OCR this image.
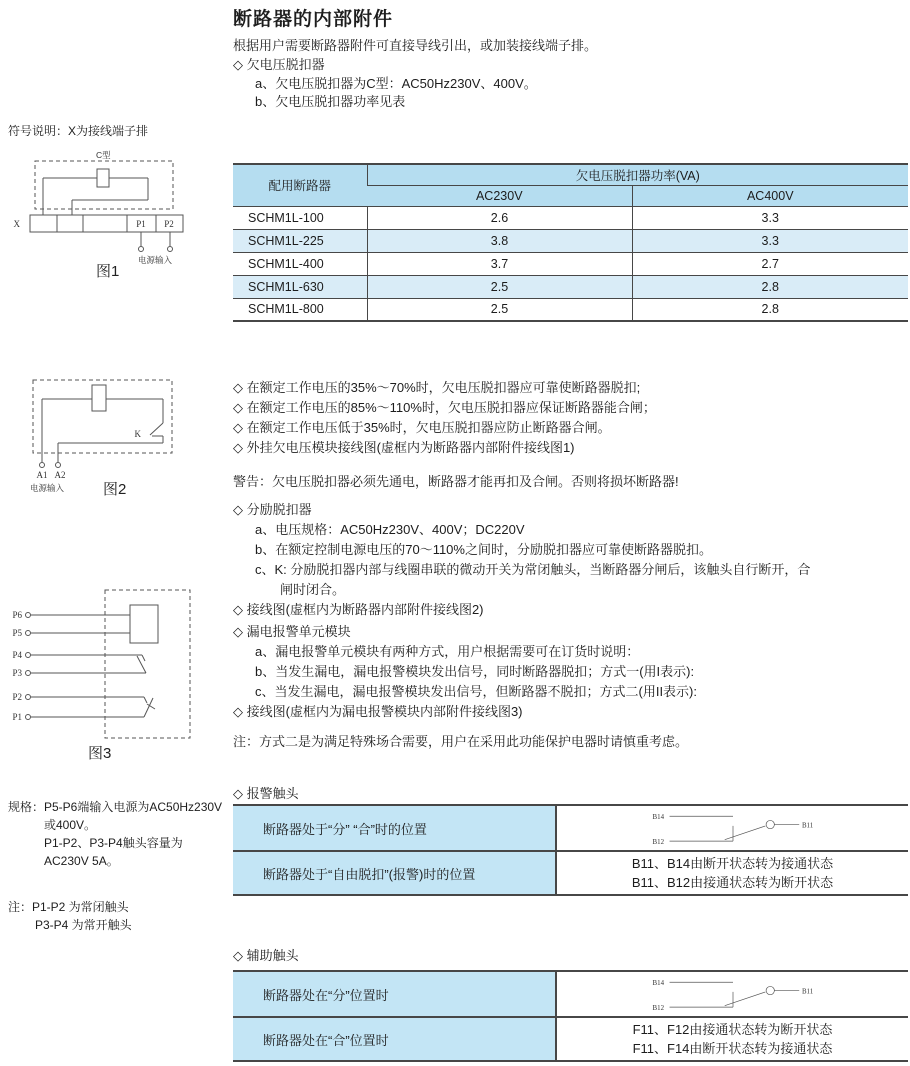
符号说明：X为接线端子排
C型
X	P1 P2
电源输入
图1
K
A1 A2
电源输入	图2
P6
P5
P4
P3
P2
P1
图3
规格：P5-P6端输入电源为AC50Hz230V
或400V。
P1-P2、P3-P4触头容量为
AC230V 5A。
注：P1-P2 为常闭触头
P3-P4 为常开触头
断路器的内部附件
根据用户需要断路器附件可直接导线引出，或加装接线端子排。
◇ 欠电压脱扣器
a、欠电压脱扣器为C型：AC50Hz230V、400V。
b、欠电压脱扣器功率见表
配用断路器	欠电压脱扣器功率(VA)	
	AC230V	AC400V
SCHM1L-100	2.6	3.3
SCHM1L-225	3.8	3.3
SCHM1L-400	3.7	2.7
SCHM1L-630	2.5	2.8
SCHM1L-800	2.5	2.8
◇ 在额定工作电压的35%～70%时，欠电压脱扣器应可靠使断路器脱扣;
◇ 在额定工作电压的85%～110%时，欠电压脱扣器应保证断路器能合闸；
◇ 在额定工作电压低于35%时，欠电压脱扣器应防止断路器合闸。
◇ 外挂欠电压模块接线图(虚框内为断路器内部附件接线图1)
警告：欠电压脱扣器必须先通电，断路器才能再扣及合闸。否则将损坏断路器!
◇ 分励脱扣器
a、电压规格：AC50Hz230V、400V；DC220V
b、在额定控制电源电压的70～110%之间时，分励脱扣器应可靠使断路器脱扣。
c、K: 分励脱扣器内部与线圈串联的微动开关为常闭触头，当断路器分闸后，该触头自行断开，合
闸时闭合。
◇ 接线图(虚框内为断路器内部附件接线图2)
◇ 漏电报警单元模块
a、漏电报警单元模块有两种方式，用户根据需要可在订货时说明：
b、当发生漏电，漏电报警模块发出信号，同时断路器脱扣；方式一(用I表示):
c、当发生漏电，漏电报警模块发出信号，但断路器不脱扣；方式二(用II表示):
◇ 接线图(虚框内为漏电报警模块内部附件接线图3)
注：方式二是为满足特殊场合需要，用户在采用此功能保护电器时请慎重考虑。
◇ 报警触头
断路器处于“分” “合”时的位置
B14
B12
B11
断路器处于“自由脱扣”(报警)时的位置
B11、B14由断开状态转为接通状态
B11、B12由接通状态转为断开状态
◇ 辅助触头
断路器处在“分”位置时
B14
B12
B11
断路器处在“合”位置时
F11、F12由接通状态转为断开状态
F11、F14由断开状态转为接通状态
